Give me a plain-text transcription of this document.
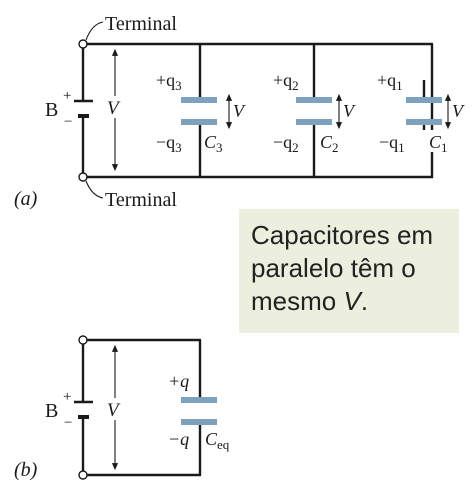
B
+
−
V
Terminal
Terminal
$+q_3$
$-q_3$ $C_3$
V
$+q_2$
$-q_2$ $C_2$
V
$+q_1$
$-q_1$ $C_1$
V
(a)
B
+
−
V
+q
−q $C_{eq}$
(b)
Capacitores em
paralelo têm o
mesmo V.
